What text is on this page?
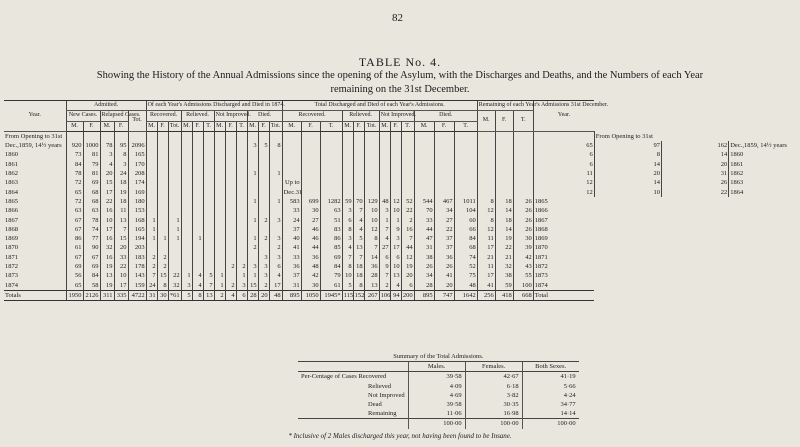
82
TABLE No. 4.
Showing the History of the Annual Admissions since the opening of the Asylum, with the Discharges and Deaths, and the Numbers of each Year
remaining on the 31st December.
Year.	Admitted.					Of each Year's Admissions Discharged and Died in 1874.												Total Discharged and Died of each Year's Admissions.												Remaining of each Year's Admissions 31st December.			Year.			
	New Cases.		Relapsed Cases.		Tot.	Recovered.			Relieved.			Not Improved.			Died.			Recovered.			Relieved.			Not Improved.			Died.			M.	F.	T.				
	M.	F.	M.	F.		M.	F.	Tot.	M.	F.	T.	M.	F.	T.	M.	F.	Tot.	M.	F.	T.	M.	F.	Tot.	M.	F.	T.	M.	F.	T.							
From Opening to 31st																																		From Opening to 31st		
Dec.,1859, 14½ years	920	1000	78	95	2096										3	5	8																65	97	162	Dec.,1859, 14½ years
1860	73	81	3	8	165																												6	8	14	1860
1861	84	79	4	3	170																												6	14	20	1861
1862	78	81	20	24	208										1		1																11	20	31	1862
1863	72	69	15	18	174													Up to															12	14	26	1863
1864	65	68	17	19	169													Dec.31															12	10	22	1864
1865	72	68	22	18	180										1		1	583	699	1282	59	70	129	48	12	52	544	467	1011	8	18	26	1865			
1866	63	63	16	11	153													33	30	63	3	7	10	3	10	22	70	34	104	12	14	26	1866			
1867	67	78	10	13	168	1		1							1	2	3	24	27	51	6	4	10	1	1	2	33	27	60	8	18	26	1867			
1868	67	74	17	7	165	1		1										37	46	83	8	4	12	7	9	16	44	22	66	12	14	26	1868			
1869	86	77	16	15	194	1	1	1		1					1	2	3	40	46	86	3	5	8	4	3	7	47	37	84	11	19	30	1869			
1870	61	90	32	20	203										2		2	41	44	85	4	13	7	27	17	44	31	37	68	17	22	39	1870			
1871	67	67	16	33	183	2	2									3	3	33	36	69	7	7	14	6	6	12	38	36	74	21	21	42	1871			
1872	69	69	19	22	178	2	2						2	2	3	3	6	36	48	84	8	18	36	9	10	19	26	26	52	11	32	43	1872			
1873	56	84	13	10	143	7	15	22	1	4	5	1		1	1	3	4	37	42	79	10	18	28	7	13	20	34	41	75	17	38	55	1873			
1874	65	58	19	17	159	24	8	32	3	4	7	1	2	3	15	2	17	31	30	61	5	8	13	2	4	6	28	20	48	41	59	100	1874			
Totals	1950	2126	311	335	4722	31	30	*61	5	8	13	2	4	6	28	20	48	895	1050	1945*	115	152	267	106	94	200	895	747	1642	256	418	668	Total			
Summary of the Total Admissions.			
	Males.	Females.	Both Sexes.
Per-Centage of Cases Recovered	39·58	42·67	41·19
Relieved	4·09	6·18	5·66
Not Improved	4·69	3·82	4·24
Dead	39·58	30·35	34·77
Remaining	11·06	16·98	14·14
	100·00	100·00	100·00
* Inclusive of 2 Males discharged this year, not having been found to be Insane.
